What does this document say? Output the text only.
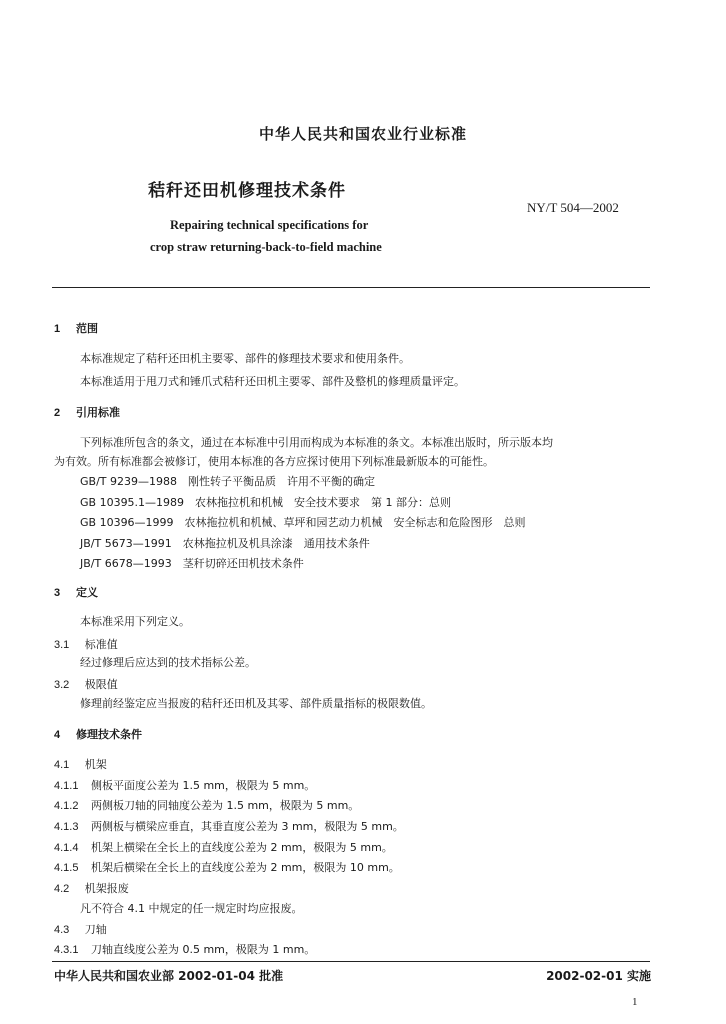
中华人民共和国农业行业标准
秸秆还田机修理技术条件
NY/T 504—2002
Repairing technical specifications for
crop straw returning-back-to-field machine
1 范围
本标准规定了秸秆还田机主要零、部件的修理技术要求和使用条件。
本标准适用于甩刀式和锤爪式秸秆还田机主要零、部件及整机的修理质量评定。
2 引用标准
下列标准所包含的条文，通过在本标准中引用而构成为本标准的条文。本标准出版时，所示版本均
为有效。所有标准都会被修订，使用本标准的各方应探讨使用下列标准最新版本的可能性。
GB/T 9239—1988　刚性转子平衡品质　许用不平衡的确定
GB 10395.1—1989　农林拖拉机和机械　安全技术要求　第 1 部分：总则
GB 10396—1999　农林拖拉机和机械、草坪和园艺动力机械　安全标志和危险图形　总则
JB/T 5673—1991　农林拖拉机及机具涂漆　通用技术条件
JB/T 6678—1993　茎秆切碎还田机技术条件
3 定义
本标准采用下列定义。
3.1 标准值
经过修理后应达到的技术指标公差。
3.2 极限值
修理前经鉴定应当报废的秸秆还田机及其零、部件质量指标的极限数值。
4 修理技术条件
4.1 机架
4.1.1 侧板平面度公差为 1.5 mm，极限为 5 mm。
4.1.2 两侧板刀轴的同轴度公差为 1.5 mm，极限为 5 mm。
4.1.3 两侧板与横梁应垂直，其垂直度公差为 3 mm，极限为 5 mm。
4.1.4 机架上横梁在全长上的直线度公差为 2 mm，极限为 5 mm。
4.1.5 机架后横梁在全长上的直线度公差为 2 mm，极限为 10 mm。
4.2 机架报废
凡不符合 4.1 中规定的任一规定时均应报废。
4.3 刀轴
4.3.1 刀轴直线度公差为 0.5 mm，极限为 1 mm。
中华人民共和国农业部 2002-01-04 批准	2002-02-01 实施
1
